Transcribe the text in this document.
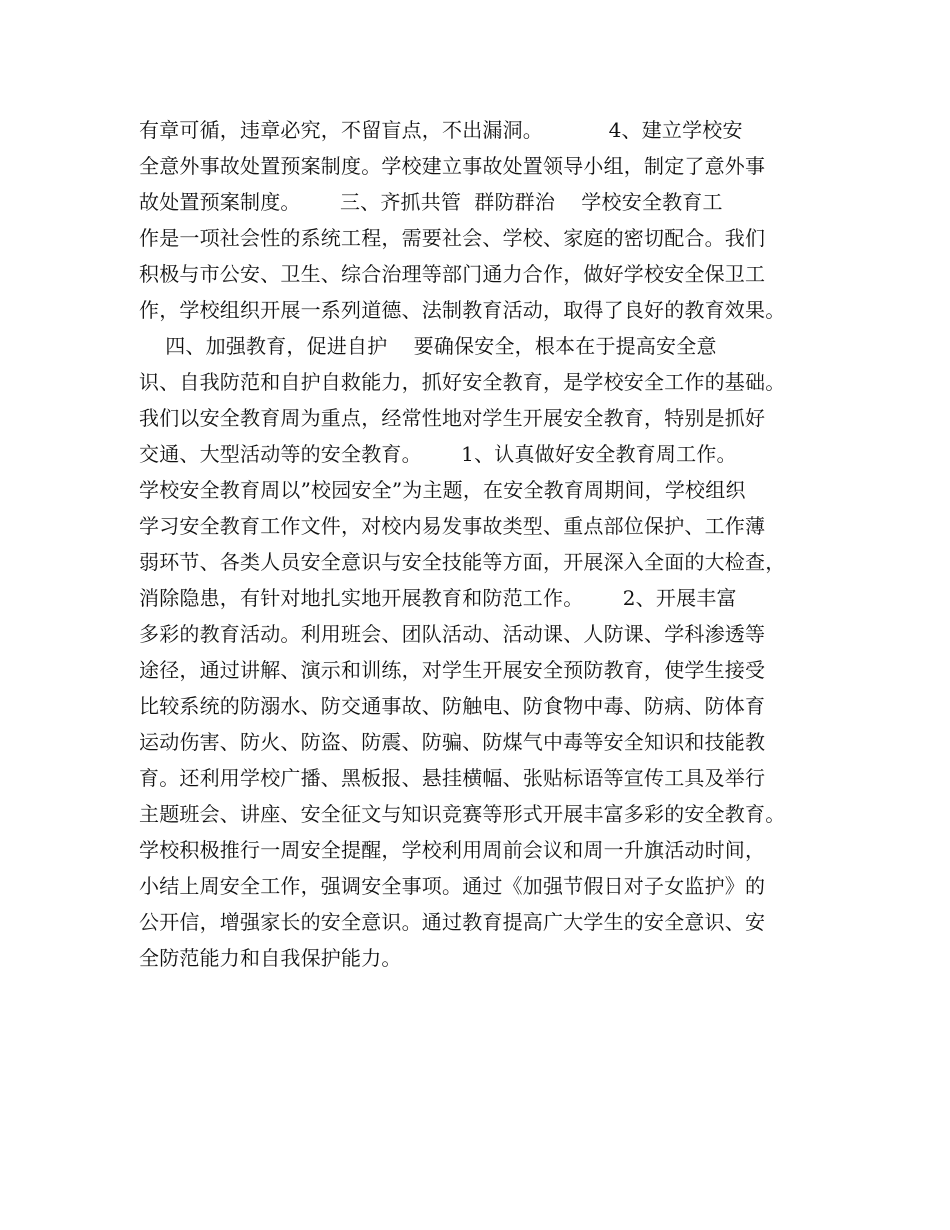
有章可循，违章必究，不留盲点，不出漏洞。          4、建立学校安
全意外事故处置预案制度。学校建立事故处置领导小组，制定了意外事
故处置预案制度。      三、齐抓共管  群防群治    学校安全教育工
作是一项社会性的系统工程，需要社会、学校、家庭的密切配合。我们
积极与市公安、卫生、综合治理等部门通力合作，做好学校安全保卫工
作，学校组织开展一系列道德、法制教育活动，取得了良好的教育效果。
四、加强教育，促进自护    要确保安全，根本在于提高安全意
识、自我防范和自护自救能力，抓好安全教育，是学校安全工作的基础。
我们以安全教育周为重点，经常性地对学生开展安全教育，特别是抓好
交通、大型活动等的安全教育。      1、认真做好安全教育周工作。
学校安全教育周以”校园安全”为主题，在安全教育周期间，学校组织
学习安全教育工作文件，对校内易发事故类型、重点部位保护、工作薄
弱环节、各类人员安全意识与安全技能等方面，开展深入全面的大检查，
消除隐患，有针对地扎实地开展教育和防范工作。      2、开展丰富
多彩的教育活动。利用班会、团队活动、活动课、人防课、学科渗透等
途径，通过讲解、演示和训练，对学生开展安全预防教育，使学生接受
比较系统的防溺水、防交通事故、防触电、防食物中毒、防病、防体育
运动伤害、防火、防盗、防震、防骗、防煤气中毒等安全知识和技能教
育。还利用学校广播、黑板报、悬挂横幅、张贴标语等宣传工具及举行
主题班会、讲座、安全征文与知识竞赛等形式开展丰富多彩的安全教育。
学校积极推行一周安全提醒，学校利用周前会议和周一升旗活动时间，
小结上周安全工作，强调安全事项。通过《加强节假日对子女监护》的
公开信，增强家长的安全意识。通过教育提高广大学生的安全意识、安
全防范能力和自我保护能力。
